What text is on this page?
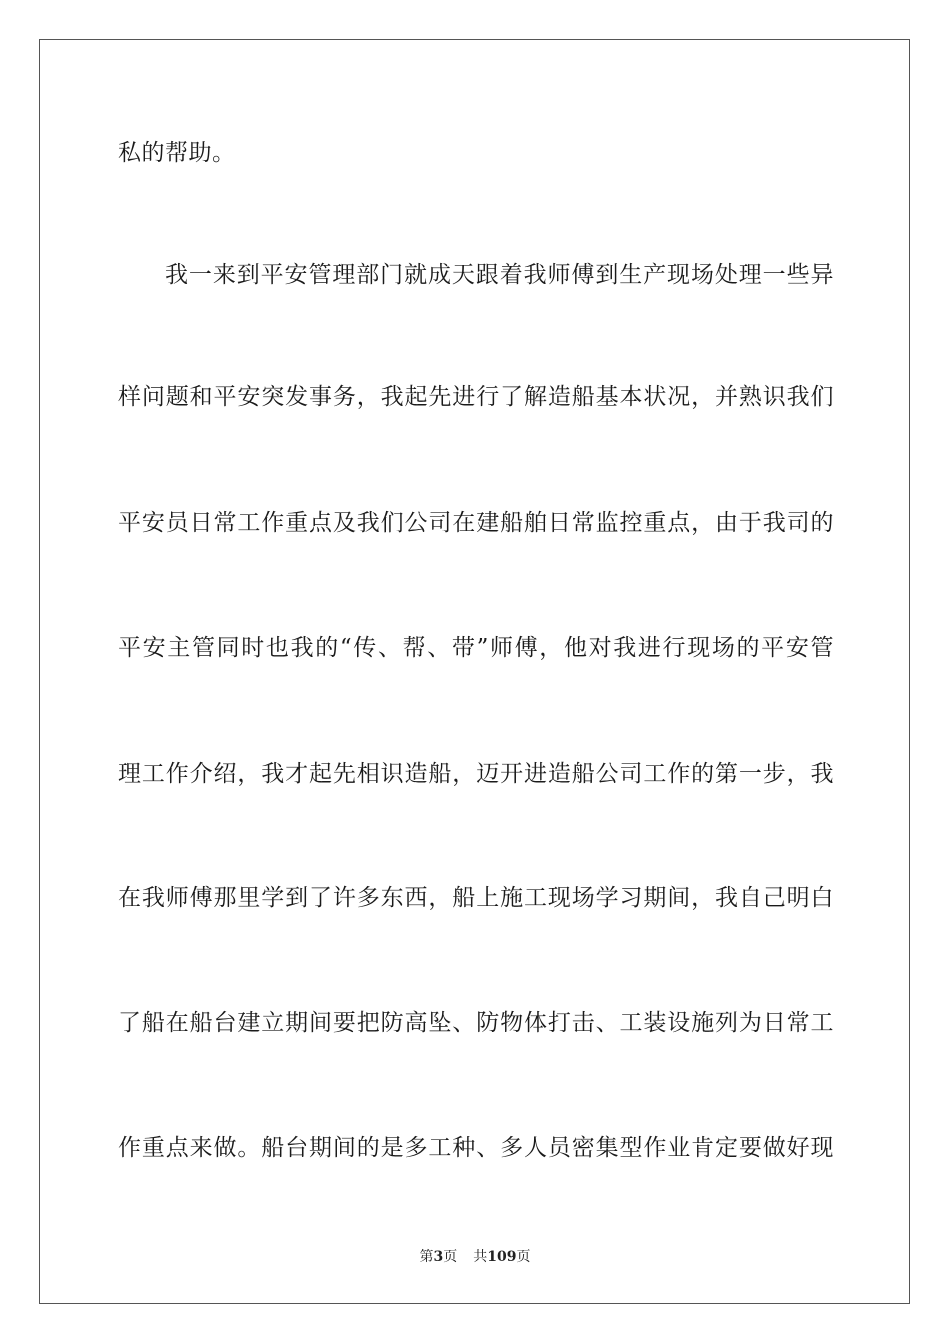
私的帮助。
我一来到平安管理部门就成天跟着我师傅到生产现场处理一些异
样问题和平安突发事务，我起先进行了解造船基本状况，并熟识我们
平安员日常工作重点及我们公司在建船舶日常监控重点，由于我司的
平安主管同时也我的“传、帮、带”师傅，他对我进行现场的平安管
理工作介绍，我才起先相识造船，迈开进造船公司工作的第一步，我
在我师傅那里学到了许多东西，船上施工现场学习期间，我自己明白
了船在船台建立期间要把防高坠、防物体打击、工装设施列为日常工
作重点来做。船台期间的是多工种、多人员密集型作业肯定要做好现
第3页 共109页
